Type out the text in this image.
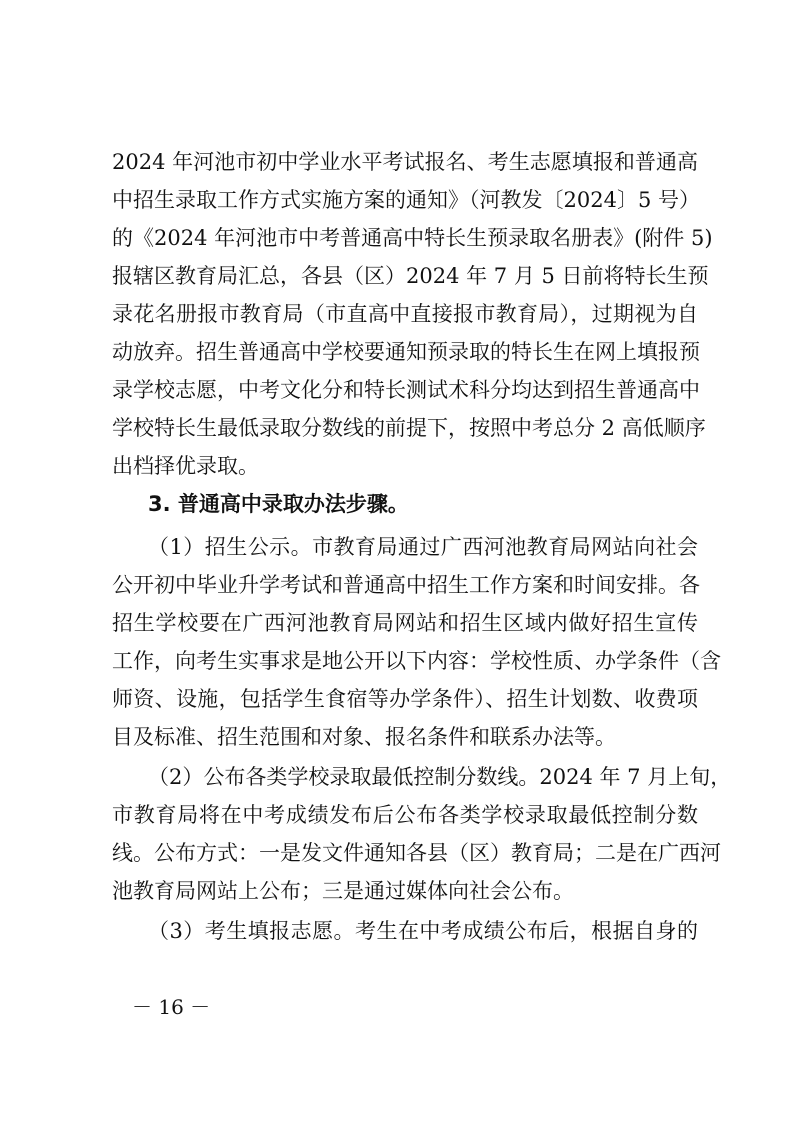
2024 年河池市初中学业水平考试报名、考生志愿填报和普通高
中招生录取工作方式实施方案的通知》（河教发〔2024〕5 号）
的《2024 年河池市中考普通高中特长生预录取名册表》(附件 5)
报辖区教育局汇总，各县（区）2024 年 7 月 5 日前将特长生预
录花名册报市教育局（市直高中直接报市教育局），过期视为自
动放弃。招生普通高中学校要通知预录取的特长生在网上填报预
录学校志愿，中考文化分和特长测试术科分均达到招生普通高中
学校特长生最低录取分数线的前提下，按照中考总分 2 高低顺序
出档择优录取。
3. 普通高中录取办法步骤。
（1）招生公示。市教育局通过广西河池教育局网站向社会
公开初中毕业升学考试和普通高中招生工作方案和时间安排。各
招生学校要在广西河池教育局网站和招生区域内做好招生宣传
工作，向考生实事求是地公开以下内容：学校性质、办学条件（含
师资、设施，包括学生食宿等办学条件）、招生计划数、收费项
目及标准、招生范围和对象、报名条件和联系办法等。
（2）公布各类学校录取最低控制分数线。2024 年 7 月上旬，
市教育局将在中考成绩发布后公布各类学校录取最低控制分数
线。公布方式：一是发文件通知各县（区）教育局；二是在广西河
池教育局网站上公布；三是通过媒体向社会公布。
（3）考生填报志愿。考生在中考成绩公布后，根据自身的
－ 16 －
